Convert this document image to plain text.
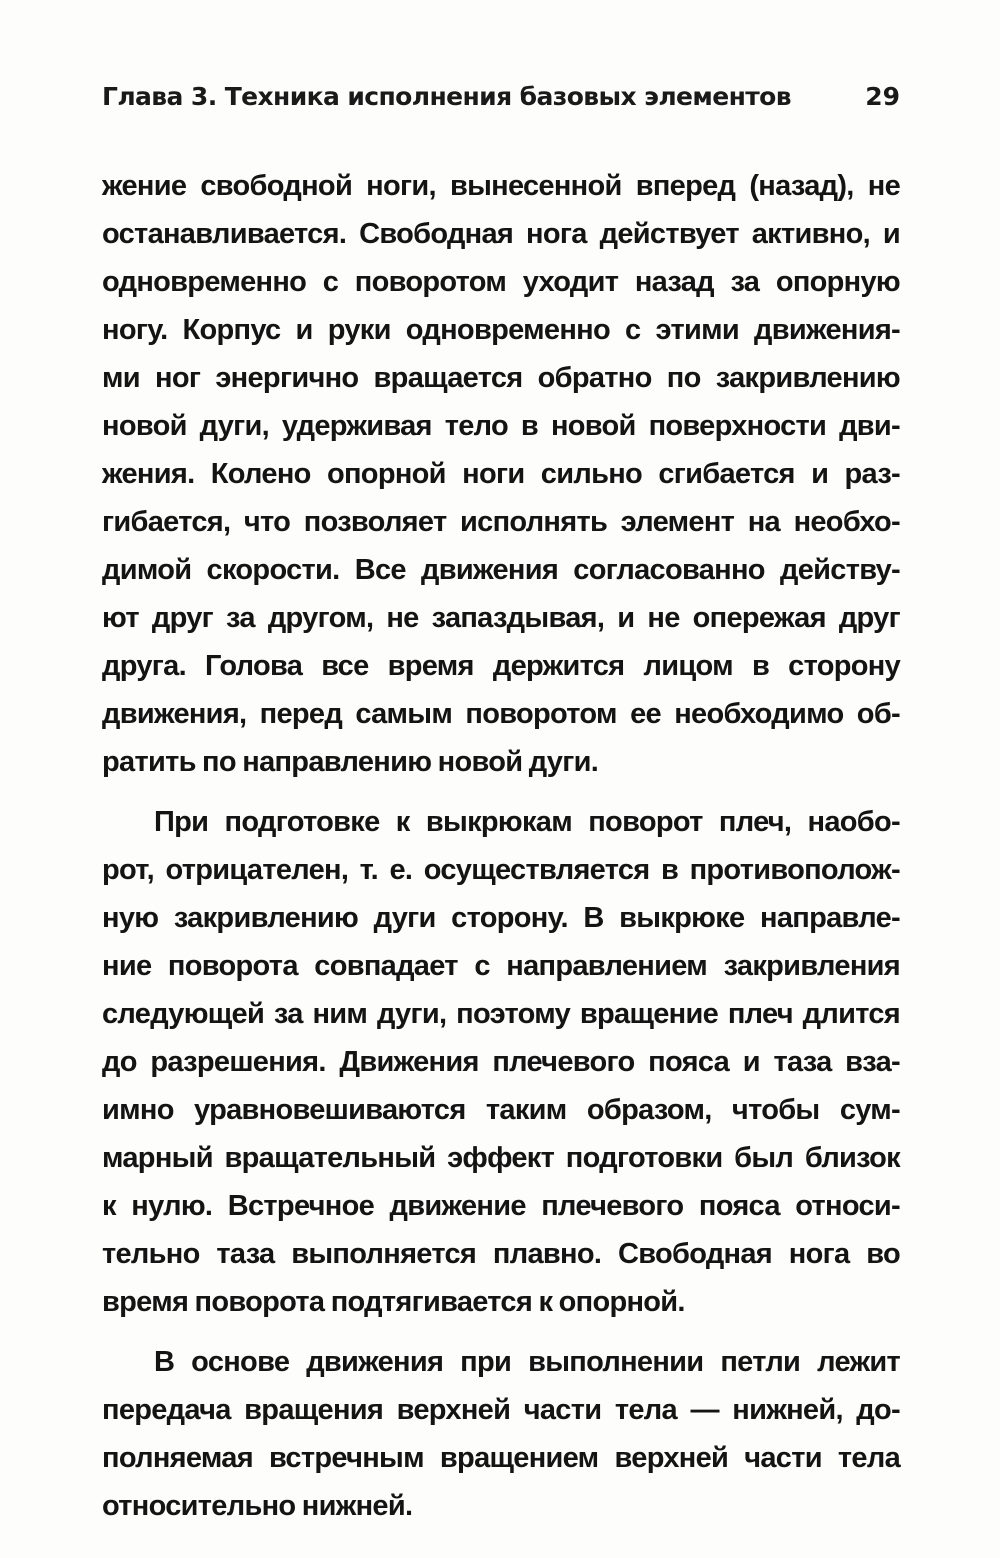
Глава 3. Техника исполнения базовых элементов	29
жение свободной ноги, вынесенной вперед (назад), не
останавливается. Свободная нога действует активно, и
одновременно с поворотом уходит назад за опорную
ногу. Корпус и руки одновременно с этими движения-
ми ног энергично вращается обратно по закривлению
новой дуги, удерживая тело в новой поверхности дви-
жения. Колено опорной ноги сильно сгибается и раз-
гибается, что позволяет исполнять элемент на необхо-
димой скорости. Все движения согласованно действу-
ют друг за другом, не запаздывая, и не опережая друг
друга. Голова все время держится лицом в сторону
движения, перед самым поворотом ее необходимо об-
ратить по направлению новой дуги.
При подготовке к выкрюкам поворот плеч, наобо-
рот, отрицателен, т. е. осуществляется в противополож-
ную закривлению дуги сторону. В выкрюке направле-
ние поворота совпадает с направлением закривления
следующей за ним дуги, поэтому вращение плеч длится
до разрешения. Движения плечевого пояса и таза вза-
имно уравновешиваются таким образом, чтобы сум-
марный вращательный эффект подготовки был близок
к нулю. Встречное движение плечевого пояса относи-
тельно таза выполняется плавно. Свободная нога во
время поворота подтягивается к опорной.
В основе движения при выполнении петли лежит
передача вращения верхней части тела — нижней, до-
полняемая встречным вращением верхней части тела
относительно нижней.
